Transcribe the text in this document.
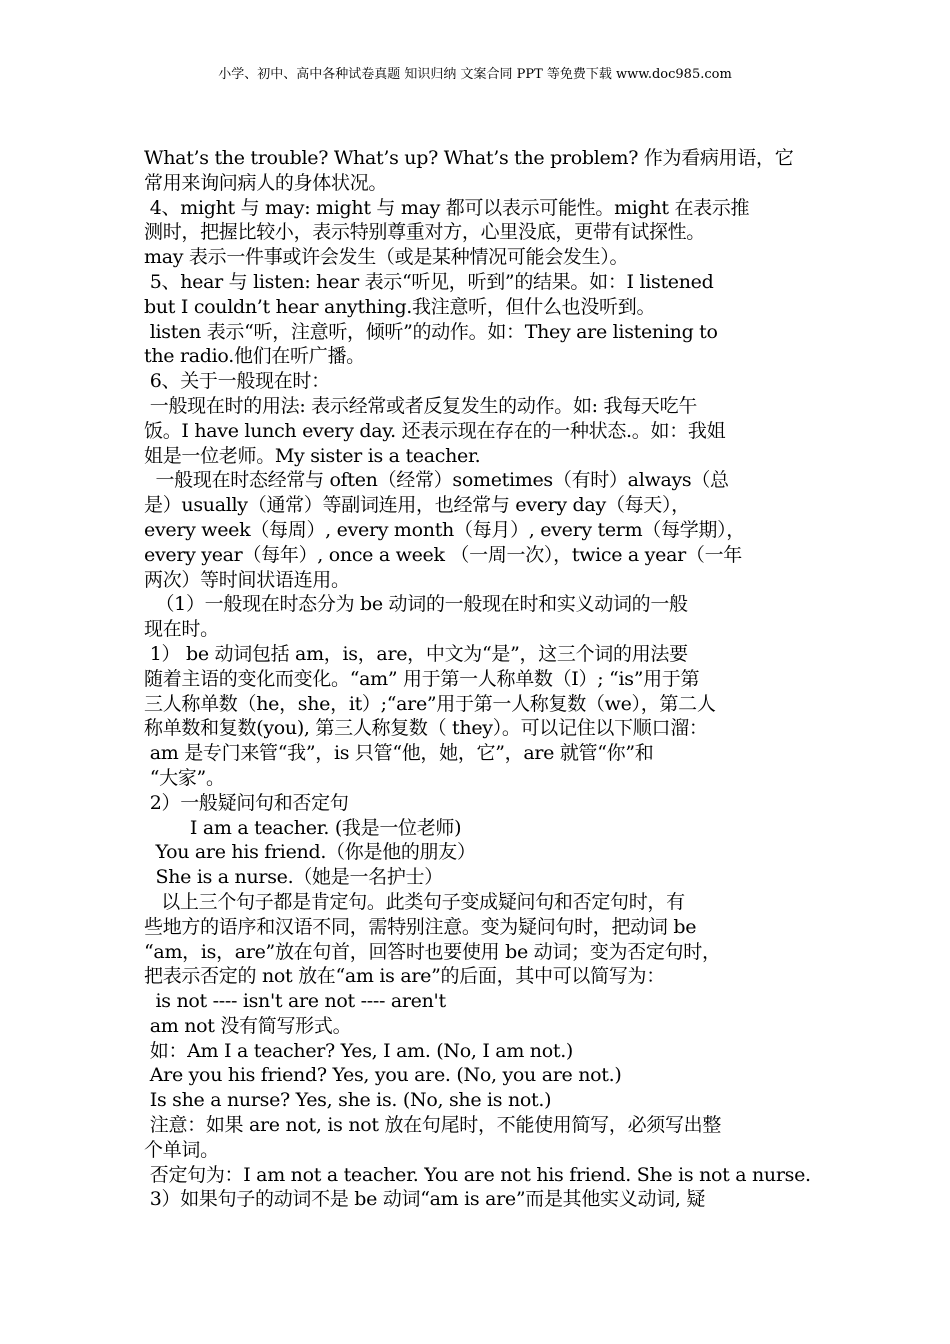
小学、初中、高中各种试卷真题 知识归纳 文案合同 PPT 等免费下载 www.doc985.com
What’s the trouble? What’s up? What’s the problem? 作为看病用语，它
常用来询问病人的身体状况。
4、might 与 may: might 与 may 都可以表示可能性。might 在表示推
测时，把握比较小，表示特别尊重对方，心里没底，更带有试探性。
may 表示一件事或许会发生（或是某种情况可能会发生）。
5、hear 与 listen: hear 表示“听见，听到”的结果。如：I listened
but I couldn’t hear anything.我注意听，但什么也没听到。
listen 表示“听，注意听，倾听”的动作。如：They are listening to
the radio.他们在听广播。
6、关于一般现在时：
一般现在时的用法: 表示经常或者反复发生的动作。如: 我每天吃午
饭。I have lunch every day. 还表示现在存在的一种状态.。如：我姐
姐是一位老师。My sister is a teacher.
一般现在时态经常与 often（经常）sometimes（有时）always（总
是）usually（通常）等副词连用，也经常与 every day（每天），
every week（每周）, every month（每月）, every term（每学期），
every year（每年）, once a week （一周一次），twice a year（一年
两次）等时间状语连用。
（1）一般现在时态分为 be 动词的一般现在时和实义动词的一般
现在时。
1） be 动词包括 am，is，are，中文为“是”，这三个词的用法要
随着主语的变化而变化。“am” 用于第一人称单数（I）; “is”用于第
三人称单数（he，she，it）;“are”用于第一人称复数（we），第二人
称单数和复数(you), 第三人称复数（ they）。可以记住以下顺口溜：
am 是专门来管“我”，is 只管“他，她，它”，are 就管“你”和
“大家”。
2）一般疑问句和否定句
I am a teacher. (我是一位老师)
You are his friend.（你是他的朋友）
She is a nurse.（她是一名护士）
以上三个句子都是肯定句。此类句子变成疑问句和否定句时，有
些地方的语序和汉语不同，需特别注意。变为疑问句时，把动词 be
“am，is，are”放在句首，回答时也要使用 be 动词；变为否定句时，
把表示否定的 not 放在“am is are”的后面，其中可以简写为：
is not ---- isn't are not ---- aren't
am not 没有简写形式。
如：Am I a teacher? Yes, I am. (No, I am not.)
Are you his friend? Yes, you are. (No, you are not.)
Is she a nurse? Yes, she is. (No, she is not.)
注意：如果 are not, is not 放在句尾时，不能使用简写，必须写出整
个单词。
否定句为：I am not a teacher. You are not his friend. She is not a nurse.
3）如果句子的动词不是 be 动词“am is are”而是其他实义动词, 疑
